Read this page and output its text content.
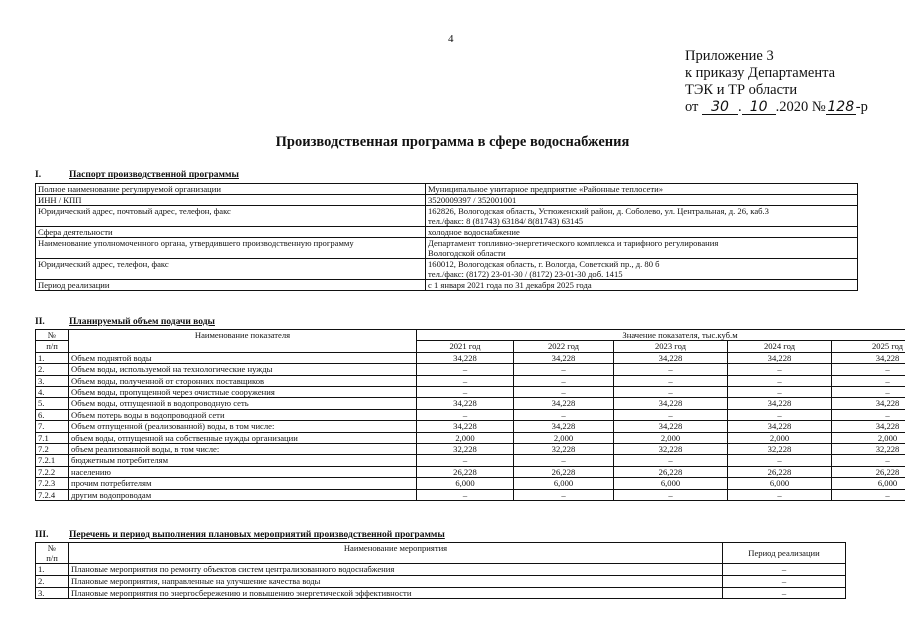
4
Приложение 3
к приказу Департамента
ТЭК и ТР области
от 30 . 10 .2020 № 128 -р
Производственная программа в сфере водоснабжения
I.	Паспорт производственной программы
Полное наименование регулируемой организации	Муниципальное унитарное предприятие «Районные теплосети»

ИНН / КПП	3520009397 / 352001001

Юридический адрес, почтовый адрес, телефон, факс	162826, Вологодская область, Устюженский район, д. Соболево, ул. Центральная, д. 26, каб.3
тел./факс: 8 (81743) 63184/ 8(81743) 63145

Сфера деятельности	холодное водоснабжение

Наименование уполномоченного органа, утвердившего производственную программу	Департамент топливно-энергетического комплекса и тарифного регулирования
Вологодской области

Юридический адрес, телефон, факс	160012, Вологодская область, г. Вологда, Советский пр., д. 80 б
тел./факс: (8172) 23-01-30 / (8172) 23-01-30 доб. 1415

Период реализации	с 1 января 2021 года по 31 декабря 2025 года
II.	Планируемый объем подачи воды
№	Наименование показателя	Значение показателя, тыс.куб.м				
п/п		2021 год	2022 год	2023 год	2024 год	2025 год
1.	Объем поднятой воды	34,228	34,228	34,228	34,228	34,228
2.	Объем воды, используемой на технологические нужды	–	–	–	–	–
3.	Объем воды, полученной от сторонних поставщиков	–	–	–	–	–
4.	Объем воды, пропущенной через очистные сооружения	–	–	–	–	–
5.	Объем воды, отпущенной в водопроводную сеть	34,228	34,228	34,228	34,228	34,228
6.	Объем потерь воды в водопроводной сети	–	–	–	–	–
7.	Объем отпущенной (реализованной) воды, в том числе:	34,228	34,228	34,228	34,228	34,228
7.1	объем воды, отпущенной на собственные нужды организации	2,000	2,000	2,000	2,000	2,000
7.2	объем реализованной воды, в том числе:	32,228	32,228	32,228	32,228	32,228
7.2.1	бюджетным потребителям	–	–	–	–	–
7.2.2	населению	26,228	26,228	26,228	26,228	26,228
7.2.3	прочим потребителям	6,000	6,000	6,000	6,000	6,000
7.2.4	другим водопроводам	–	–	–	–	–
III. Перечень и период выполнения плановых мероприятий производственной программы
№
п/п	Наименование мероприятия	Период реализации
1.	Плановые мероприятия по ремонту объектов систем централизованного водоснабжения	–
2.	Плановые мероприятия, направленные на улучшение качества воды	–
3.	Плановые мероприятия по энергосбережению и повышению энергетической эффективности	–
